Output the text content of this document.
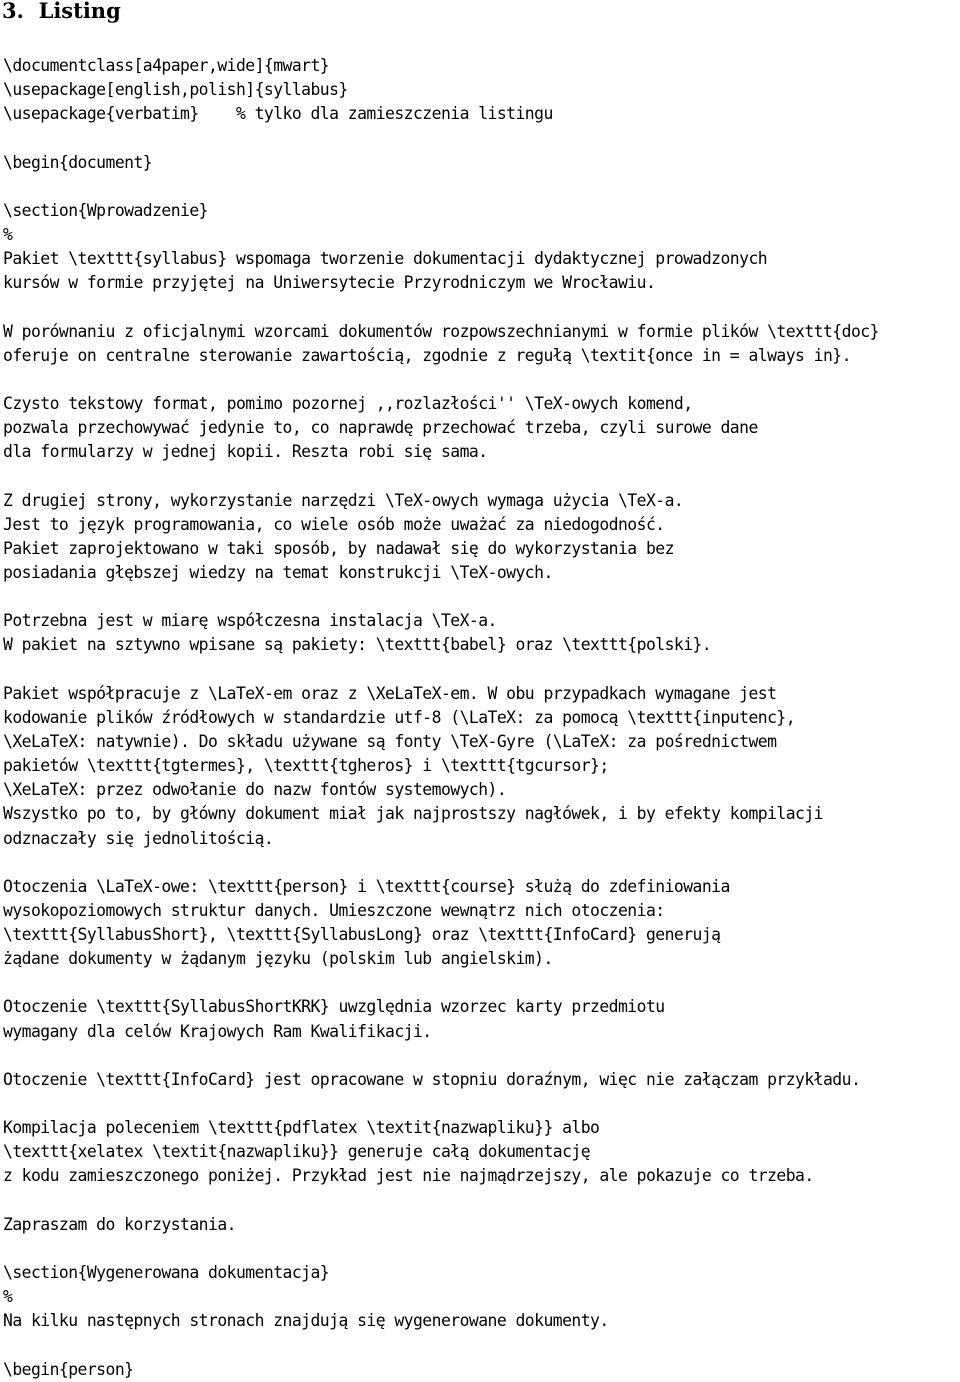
3. Listing
\documentclass[a4paper,wide]{mwart}
\usepackage[english,polish]{syllabus}
\usepackage{verbatim}    % tylko dla zamieszczenia listingu
\begin{document}
\section{Wprowadzenie}
%
Pakiet \texttt{syllabus} wspomaga tworzenie dokumentacji dydaktycznej prowadzonych
kursów w formie przyjętej na Uniwersytecie Przyrodniczym we Wrocławiu.
W porównaniu z oficjalnymi wzorcami dokumentów rozpowszechnianymi w formie plików \texttt{doc}
oferuje on centralne sterowanie zawartością, zgodnie z regułą \textit{once in = always in}.
Czysto tekstowy format, pomimo pozornej ,,rozlazłości'' \TeX-owych komend,
pozwala przechowywać jedynie to, co naprawdę przechować trzeba, czyli surowe dane
dla formularzy w jednej kopii. Reszta robi się sama.
Z drugiej strony, wykorzystanie narzędzi \TeX-owych wymaga użycia \TeX-a.
Jest to język programowania, co wiele osób może uważać za niedogodność.
Pakiet zaprojektowano w taki sposób, by nadawał się do wykorzystania bez
posiadania głębszej wiedzy na temat konstrukcji \TeX-owych.
Potrzebna jest w miarę współczesna instalacja \TeX-a.
W pakiet na sztywno wpisane są pakiety: \texttt{babel} oraz \texttt{polski}.
Pakiet współpracuje z \LaTeX-em oraz z \XeLaTeX-em. W obu przypadkach wymagane jest
kodowanie plików źródłowych w standardzie utf-8 (\LaTeX: za pomocą \texttt{inputenc},
\XeLaTeX: natywnie). Do składu używane są fonty \TeX-Gyre (\LaTeX: za pośrednictwem
pakietów \texttt{tgtermes}, \texttt{tgheros} i \texttt{tgcursor};
\XeLaTeX: przez odwołanie do nazw fontów systemowych).
Wszystko po to, by główny dokument miał jak najprostszy nagłówek, i by efekty kompilacji
odznaczały się jednolitością.
Otoczenia \LaTeX-owe: \texttt{person} i \texttt{course} służą do zdefiniowania
wysokopoziomowych struktur danych. Umieszczone wewnątrz nich otoczenia:
\texttt{SyllabusShort}, \texttt{SyllabusLong} oraz \texttt{InfoCard} generują
żądane dokumenty w żądanym języku (polskim lub angielskim).
Otoczenie \texttt{SyllabusShortKRK} uwzględnia wzorzec karty przedmiotu
wymagany dla celów Krajowych Ram Kwalifikacji.
Otoczenie \texttt{InfoCard} jest opracowane w stopniu doraźnym, więc nie załączam przykładu.
Kompilacja poleceniem \texttt{pdflatex \textit{nazwapliku}} albo
\texttt{xelatex \textit{nazwapliku}} generuje całą dokumentację
z kodu zamieszczonego poniżej. Przykład jest nie najmądrzejszy, ale pokazuje co trzeba.
Zapraszam do korzystania.
\section{Wygenerowana dokumentacja}
%
Na kilku następnych stronach znajdują się wygenerowane dokumenty.
\begin{person}
